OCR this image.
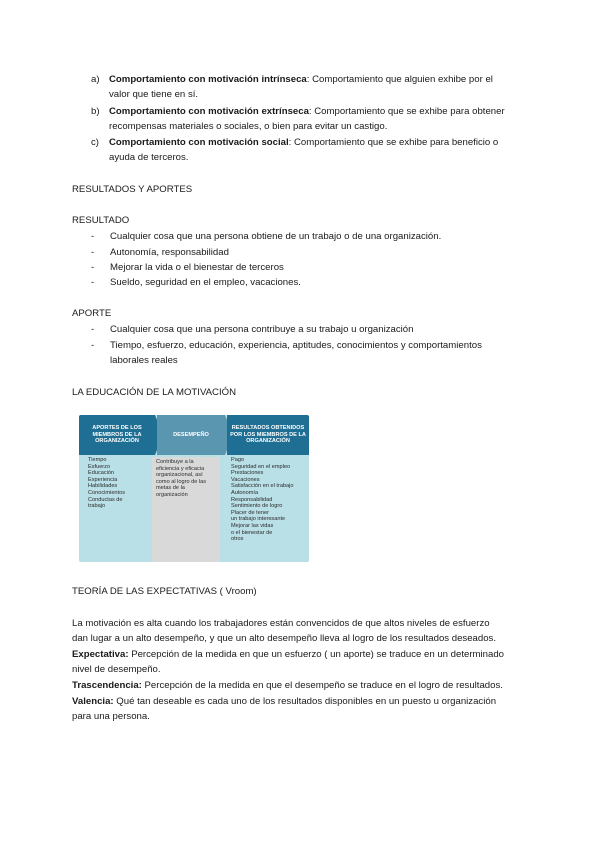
a) Comportamiento con motivación intrínseca: Comportamiento que alguien exhibe por el
valor que tiene en sí.
b) Comportamiento con motivación extrínseca: Comportamiento que se exhibe para obtener
recompensas materiales o sociales, o bien para evitar un castigo.
c) Comportamiento con motivación social: Comportamiento que se exhibe para beneficio o
ayuda de terceros.
RESULTADOS Y APORTES
RESULTADO
- Cualquier cosa que una persona obtiene de un trabajo o de una organización.
- Autonomía, responsabilidad
- Mejorar la vida o el bienestar de terceros
- Sueldo, seguridad en el empleo, vacaciones.
APORTE
- Cualquier cosa que una persona contribuye a su trabajo u organización
- Tiempo, esfuerzo, educación, experiencia, aptitudes, conocimientos y comportamientos
laborales reales
LA EDUCACIÓN DE LA MOTIVACIÓN
APORTES DE LOS MIEMBROS DE LA ORGANIZACIÓN
DESEMPEÑO
RESULTADOS OBTENIDOS POR LOS MIEMBROS DE LA ORGANIZACIÓN
Tiempo
Esfuerzo
Educación
Experiencia
Habilidades
Conocimientos
Conductas de
trabajo
Contribuye a la eficiencia y eficacia organizacional, así como al logro de las metas de la organización
Pago
Seguridad en el empleo
Prestaciones
Vacaciones
Satisfacción en el trabajo
Autonomía
Responsabilidad
Sentimiento de logro
Placer de tener
un trabajo interesante
Mejorar las vidas
o el bienestar de
otros
TEORÍA DE LAS EXPECTATIVAS ( Vroom)
La motivación es alta cuando los trabajadores están convencidos de que altos niveles de esfuerzo
dan lugar a un alto desempeño, y que un alto desempeño lleva al logro de los resultados deseados.
Expectativa: Percepción de la medida en que un esfuerzo ( un aporte) se traduce en un determinado
nivel de desempeño.
Trascendencia: Percepción de la medida en que el desempeño se traduce en el logro de resultados.
Valencia: Qué tan deseable es cada uno de los resultados disponibles en un puesto u organización
para una persona.
